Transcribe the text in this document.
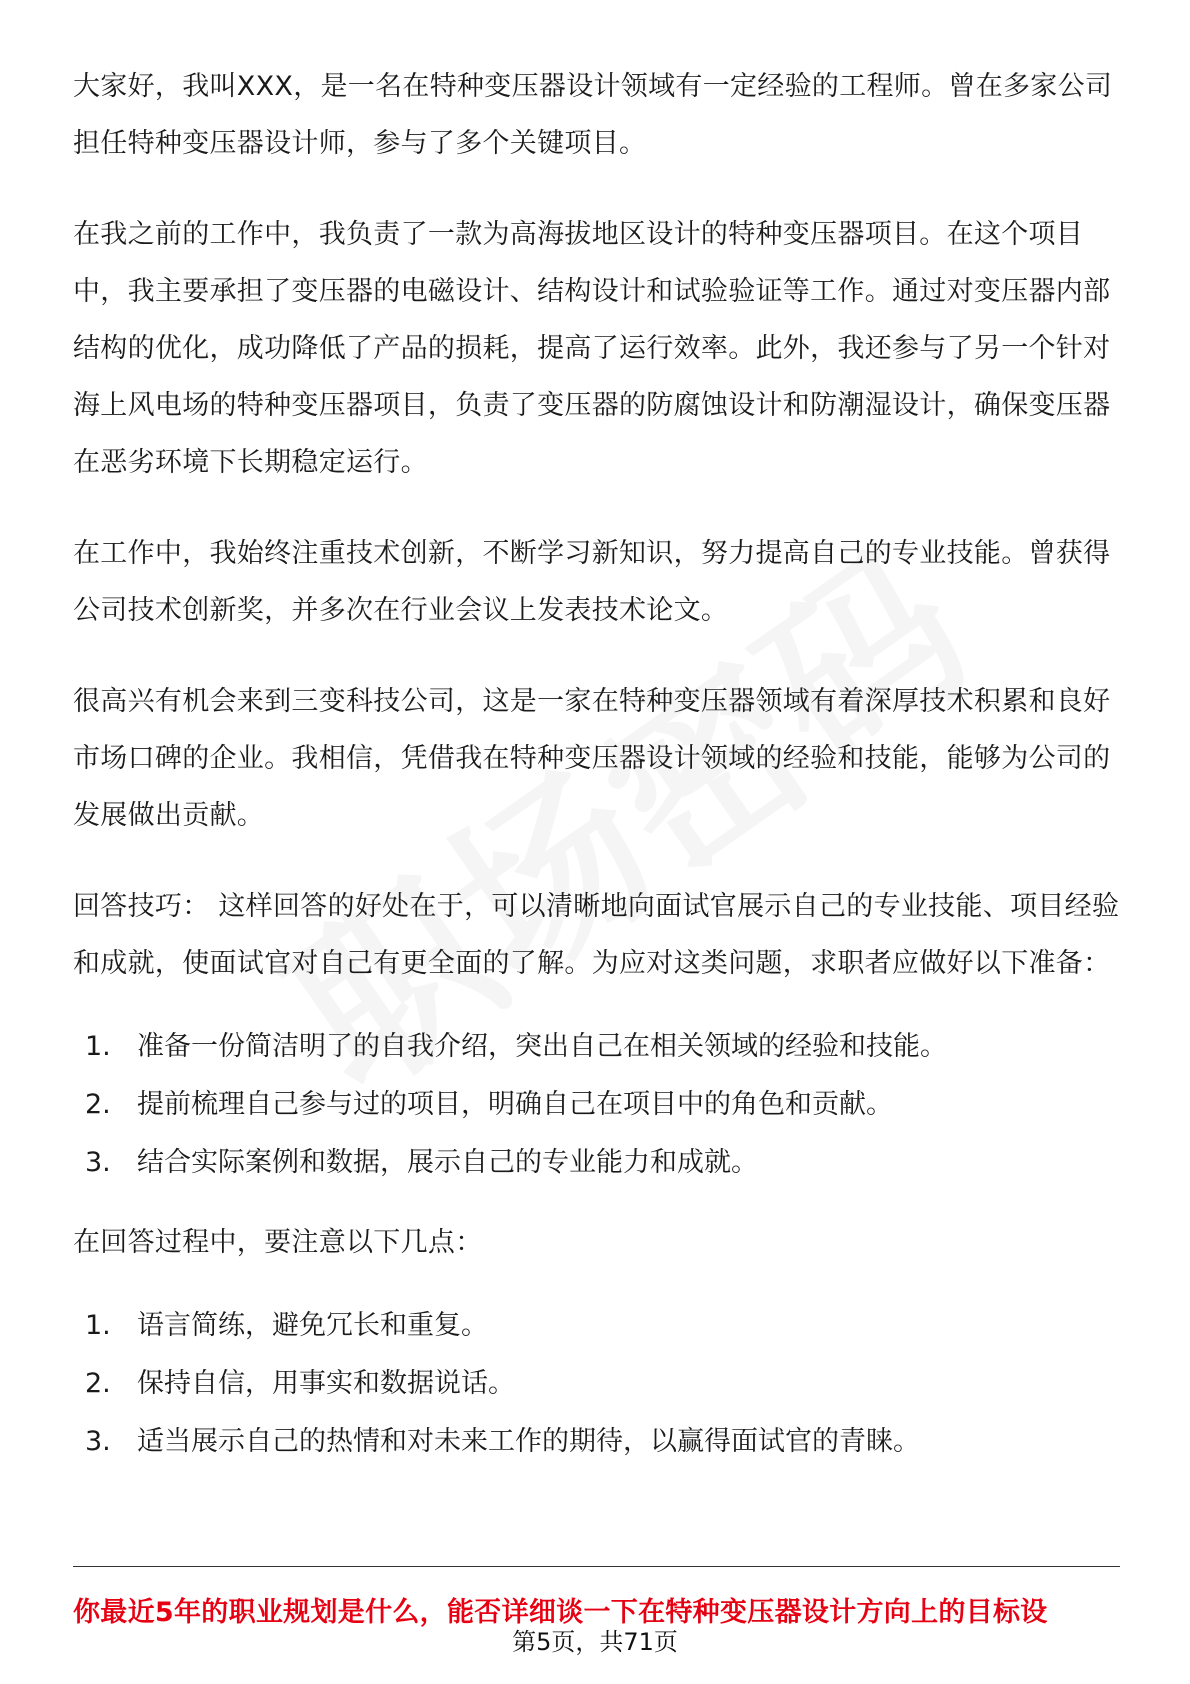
大家好，我叫XXX，是一名在特种变压器设计领域有一定经验的工程师。曾在多家公司担任特种变压器设计师，参与了多个关键项目。

在我之前的工作中，我负责了一款为高海拔地区设计的特种变压器项目。在这个项目中，我主要承担了变压器的电磁设计、结构设计和试验验证等工作。通过对变压器内部结构的优化，成功降低了产品的损耗，提高了运行效率。此外，我还参与了另一个针对海上风电场的特种变压器项目，负责了变压器的防腐蚀设计和防潮湿设计，确保变压器在恶劣环境下长期稳定运行。

在工作中，我始终注重技术创新，不断学习新知识，努力提高自己的专业技能。曾获得公司技术创新奖，并多次在行业会议上发表技术论文。

很高兴有机会来到三变科技公司，这是一家在特种变压器领域有着深厚技术积累和良好市场口碑的企业。我相信，凭借我在特种变压器设计领域的经验和技能，能够为公司的发展做出贡献。

回答技巧： 这样回答的好处在于，可以清晰地向面试官展示自己的专业技能、项目经验和成就，使面试官对自己有更全面的了解。为应对这类问题，求职者应做好以下准备：

1. 准备一份简洁明了的自我介绍，突出自己在相关领域的经验和技能。
2. 提前梳理自己参与过的项目，明确自己在项目中的角色和贡献。
3. 结合实际案例和数据，展示自己的专业能力和成就。

在回答过程中，要注意以下几点：

1. 语言简练，避免冗长和重复。
2. 保持自信，用事实和数据说话。
3. 适当展示自己的热情和对未来工作的期待，以赢得面试官的青睐。
你最近5年的职业规划是什么，能否详细谈一下在特种变压器设计方向上的目标设
第5页，共71页
